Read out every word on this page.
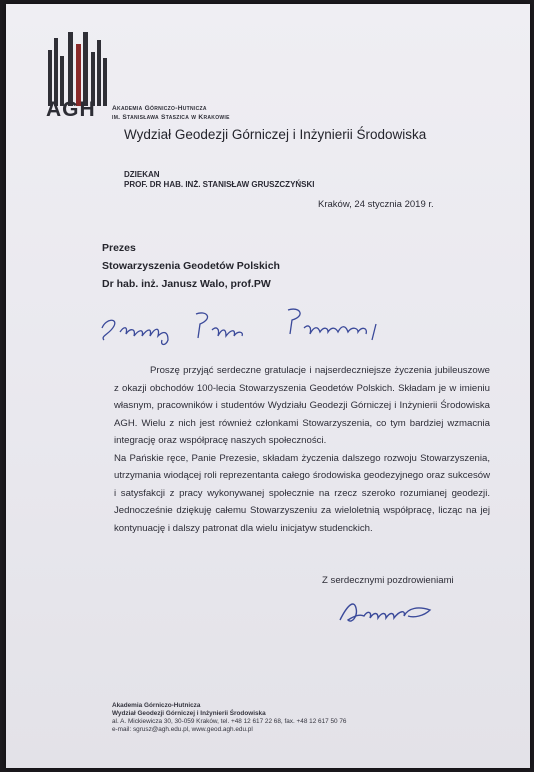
AGH Akademia Górniczo-Hutnicza
im. Stanisława Staszica w Krakowie
Wydział Geodezji Górniczej i Inżynierii Środowiska
DZIEKAN
PROF. DR HAB. INŻ. STANISŁAW GRUSZCZYŃSKI
Kraków, 24 stycznia 2019 r.
Prezes
Stowarzyszenia Geodetów Polskich
Dr hab. inż. Janusz Walo, prof.PW

Proszę przyjąć serdeczne gratulacje i najserdeczniejsze życzenia jubileuszowe z okazji obchodów 100-lecia Stowarzyszenia Geodetów Polskich. Składam je w imieniu własnym, pracowników i studentów Wydziału Geodezji Górniczej i Inżynierii Środowiska AGH. Wielu z nich jest również członkami Stowarzyszenia, co tym bardziej wzmacnia integrację oraz współpracę naszych społeczności.

Na Pańskie ręce, Panie Prezesie, składam życzenia dalszego rozwoju Stowarzyszenia, utrzymania wiodącej roli reprezentanta całego środowiska geodezyjnego oraz sukcesów i satysfakcji z pracy wykonywanej społecznie na rzecz szeroko rozumianej geodezji. Jednocześnie dziękuję całemu Stowarzyszeniu za wieloletnią współpracę, licząc na jej kontynuację i dalszy patronat dla wielu inicjatyw studenckich.

Z serdecznymi pozdrowieniami
Akademia Górniczo-Hutnicza
Wydział Geodezji Górniczej i Inżynierii Środowiska
al. A. Mickiewicza 30, 30-059 Kraków, tel. +48 12 617 22 68, fax. +48 12 617 50 76
e-mail: sgrusz@agh.edu.pl, www.geod.agh.edu.pl
